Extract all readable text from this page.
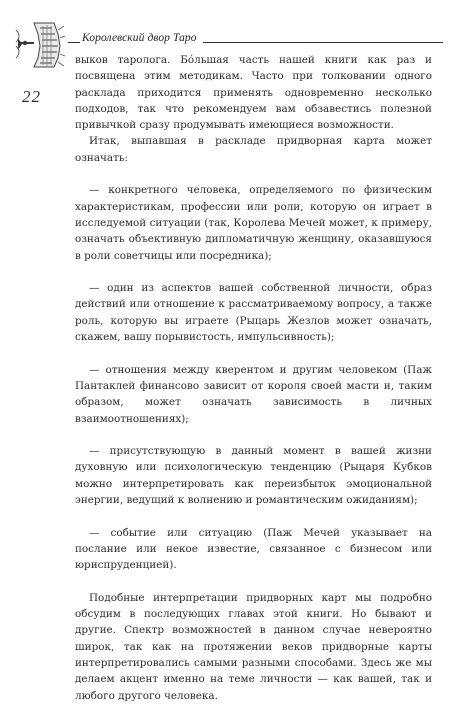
Королевский двор Таро
22

выков таролога. Бо́льшая часть нашей книги как раз и посвящена этим методикам. Часто при толковании одного расклада приходится применять одновременно несколько подходов, так что рекомендуем вам обзавестись полезной привычкой сразу продумывать имеющиеся возможности.

Итак, выпавшая в раскладе придворная карта может означать:

— конкретного человека, определяемого по физическим характеристикам, профессии или роли, которую он играет в исследуемой ситуации (так, Королева Мечей может, к примеру, означать объективную дипломатичную женщину, оказавшуюся в роли советчицы или посредника);

— один из аспектов вашей собственной личности, образ действий или отношение к рассматриваемому вопросу, а также роль, которую вы играете (Рыцарь Жезлов может означать, скажем, вашу порывистость, импульсивность);

— отношения между кверентом и другим человеком (Паж Пантаклей финансово зависит от короля своей масти и, таким образом, может означать зависимость в личных взаимоотношениях);

— присутствующую в данный момент в вашей жизни духовную или психологическую тенденцию (Рыцаря Кубков можно интерпретировать как переизбыток эмоциональной энергии, ведущий к волнению и романтическим ожиданиям);

— событие или ситуацию (Паж Мечей указывает на послание или некое известие, связанное с бизнесом или юриспруденцией).

Подобные интерпретации придворных карт мы подробно обсудим в последующих главах этой книги. Но бывают и другие. Спектр возможностей в данном случае невероятно широк, так как на протяжении веков придворные карты интерпретировались самыми разными способами. Здесь же мы делаем акцент именно на теме личности — как вашей, так и любого другого человека.
